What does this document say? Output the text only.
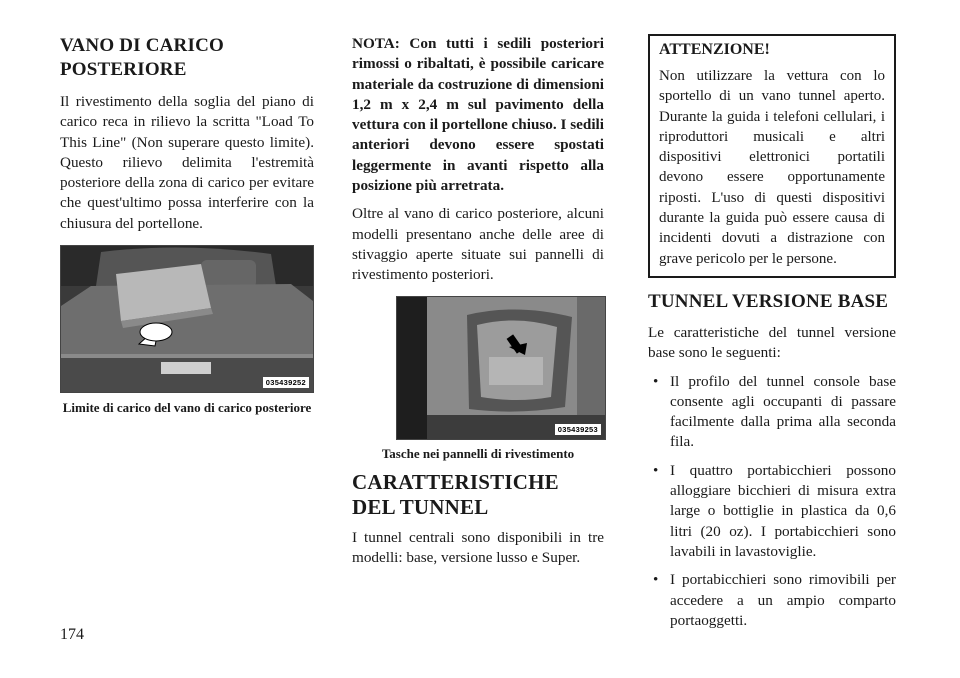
VANO DI CARICO POSTERIORE

Il rivestimento della soglia del piano di carico reca in rilievo la scritta "Load To This Line" (Non superare questo limite). Questo rilievo delimita l'estremità posteriore della zona di carico per evitare che quest'ultimo possa interferire con la chiusura del portellone.

035439252

Limite di carico del vano di carico posteriore

NOTA: Con tutti i sedili posteriori rimossi o ribaltati, è possibile caricare materiale da costruzione di dimensioni 1,2 m x 2,4 m sul pavimento della vettura con il portellone chiuso. I sedili anteriori devono essere spostati leggermente in avanti rispetto alla posizione più arretrata.

Oltre al vano di carico posteriore, alcuni modelli presentano anche delle aree di stivaggio aperte situate sui pannelli di rivestimento posteriori.

035439253

Tasche nei pannelli di rivestimento

CARATTERISTICHE DEL TUNNEL

I tunnel centrali sono disponibili in tre modelli: base, versione lusso e Super.

ATTENZIONE!

Non utilizzare la vettura con lo sportello di un vano tunnel aperto. Durante la guida i telefoni cellulari, i riproduttori musicali e altri dispositivi elettronici portatili devono essere opportunamente riposti. L'uso di questi dispositivi durante la guida può essere causa di incidenti dovuti a distrazione con grave pericolo per le persone.

TUNNEL VERSIONE BASE

Le caratteristiche del tunnel versione base sono le seguenti:

• Il profilo del tunnel console base consente agli occupanti di passare facilmente dalla prima alla seconda fila.
• I quattro portabicchieri possono alloggiare bicchieri di misura extra large o bottiglie in plastica da 0,6 litri (20 oz). I portabicchieri sono lavabili in lavastoviglie.
• I portabicchieri sono rimovibili per accedere a un ampio comparto portaoggetti.
174
